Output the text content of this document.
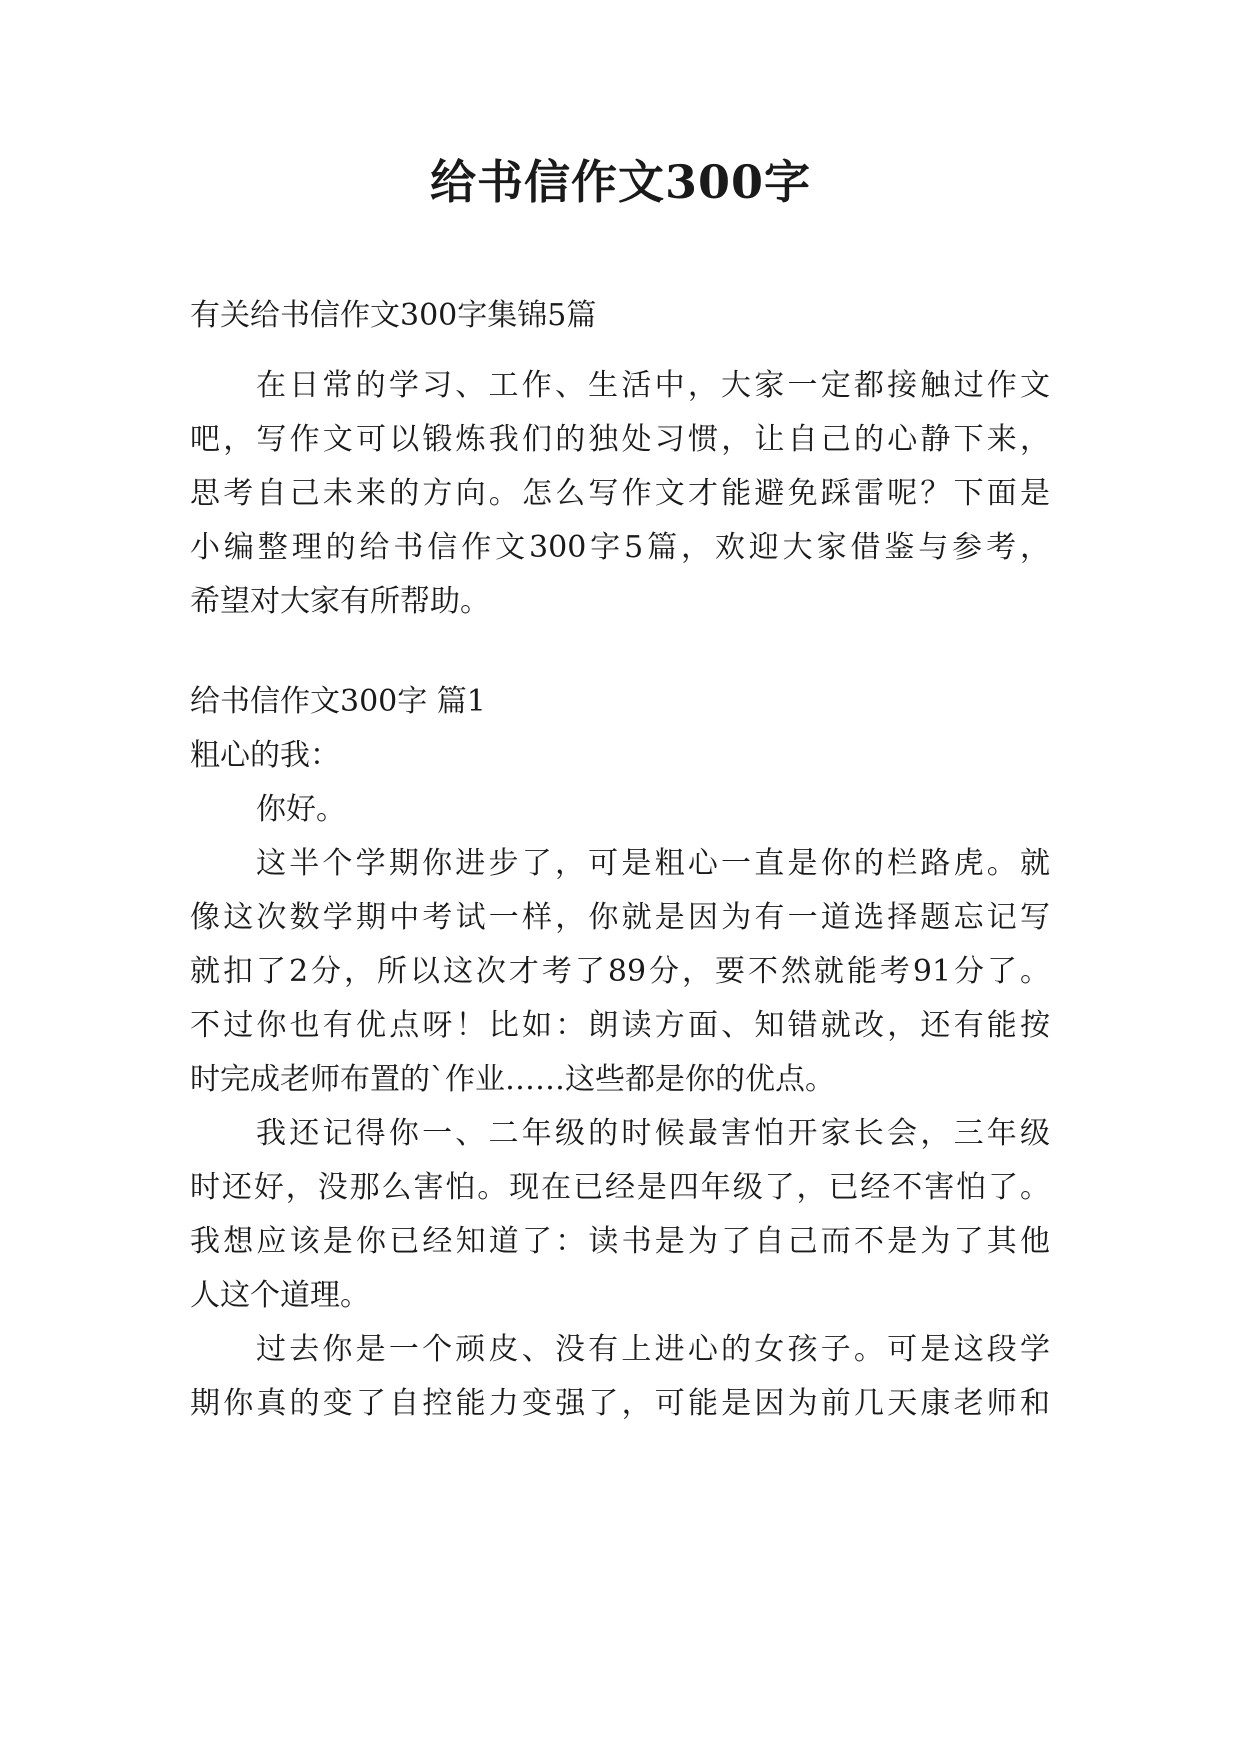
给书信作文300字

有关给书信作文300字集锦5篇

在日常的学习、工作、生活中，大家一定都接触过作文

吧，写作文可以锻炼我们的独处习惯，让自己的心静下来，

思考自己未来的方向。怎么写作文才能避免踩雷呢？下面是

小编整理的给书信作文300字5篇，欢迎大家借鉴与参考，

希望对大家有所帮助。

给书信作文300字 篇1

粗心的我：

你好。

这半个学期你进步了，可是粗心一直是你的栏路虎。就

像这次数学期中考试一样，你就是因为有一道选择题忘记写

就扣了2分，所以这次才考了89分，要不然就能考91分了。

不过你也有优点呀！比如：朗读方面、知错就改，还有能按

时完成老师布置的`作业……这些都是你的优点。

我还记得你一、二年级的时候最害怕开家长会，三年级

时还好，没那么害怕。现在已经是四年级了，已经不害怕了。

我想应该是你已经知道了：读书是为了自己而不是为了其他

人这个道理。

过去你是一个顽皮、没有上进心的女孩子。可是这段学

期你真的变了自控能力变强了，可能是因为前几天康老师和
